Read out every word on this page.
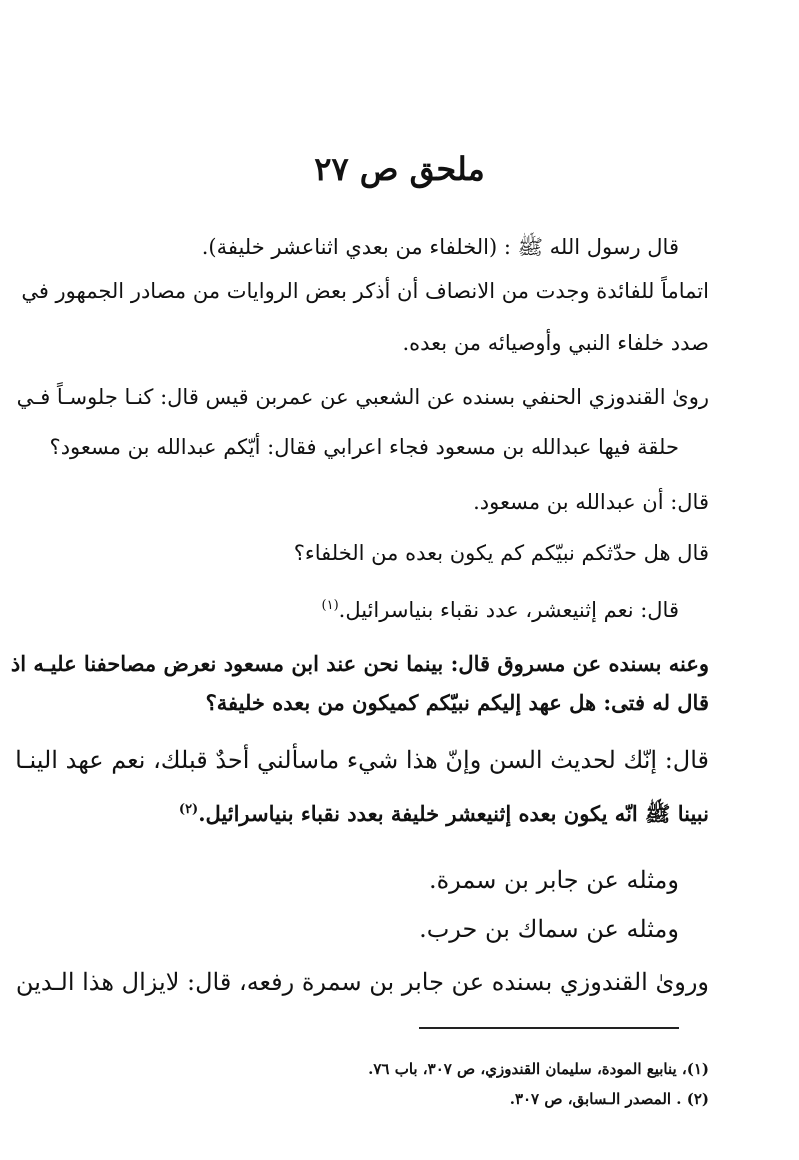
ملحق ص ٢٧
قال رسول الله ﷺ : (الخلفاء من بعدي اثناعشر خليفة).
اتماماً للفائدة وجدت من الانصاف أن أذكر بعض الروايات من مصادر الجمهور في
صدد خلفاء النبي وأوصيائه من بعده.
رویٰ القندوزي الحنفي بسنده عن الشعبي عن عمربن قیس قال: كنـا جلوسـاً فـي
حلقة فيها عبدالله بن مسعود فجاء اعرابي فقال: أيّكم عبدالله بن مسعود؟
قال: أن عبدالله بن مسعود.
قال هل حدّثكم نبيّكم كم يكون بعده من الخلفاء؟
قال: نعم إثنیعشر، عدد نقباء بنياسرائيل.$^{(١)}$
وعنه بسنده عن مسروق قال: بينما نحن عند ابن مسعود نعرض مصاحفنا عليـه اذ
قال له فتى: هل عهد إليكم نبيّكم كميكون من بعده خليفة؟
قال: إنّك لحديث السن وإنّ هذا شيء ماسألني أحدٌ قبلك، نعم عهد الينـا
نبينا ﷺ انّه يكون بعده إثنيعشر خليفة بعدد نقباء بنياسرائيل.$^{(٢)}$
ومثله عن جابر بن سمرة.
ومثله عن سماك بن حرب.
ورویٰ القندوزي بسنده عن جابر بن سمرة رفعه، قال: لايزال هذا الـدين
(١)، ينابيع المودة، سليمان القندوزي، ص ٣٠٧، باب ٧٦.
(٢) . المصدر الـسابق، ص ٣٠٧.
